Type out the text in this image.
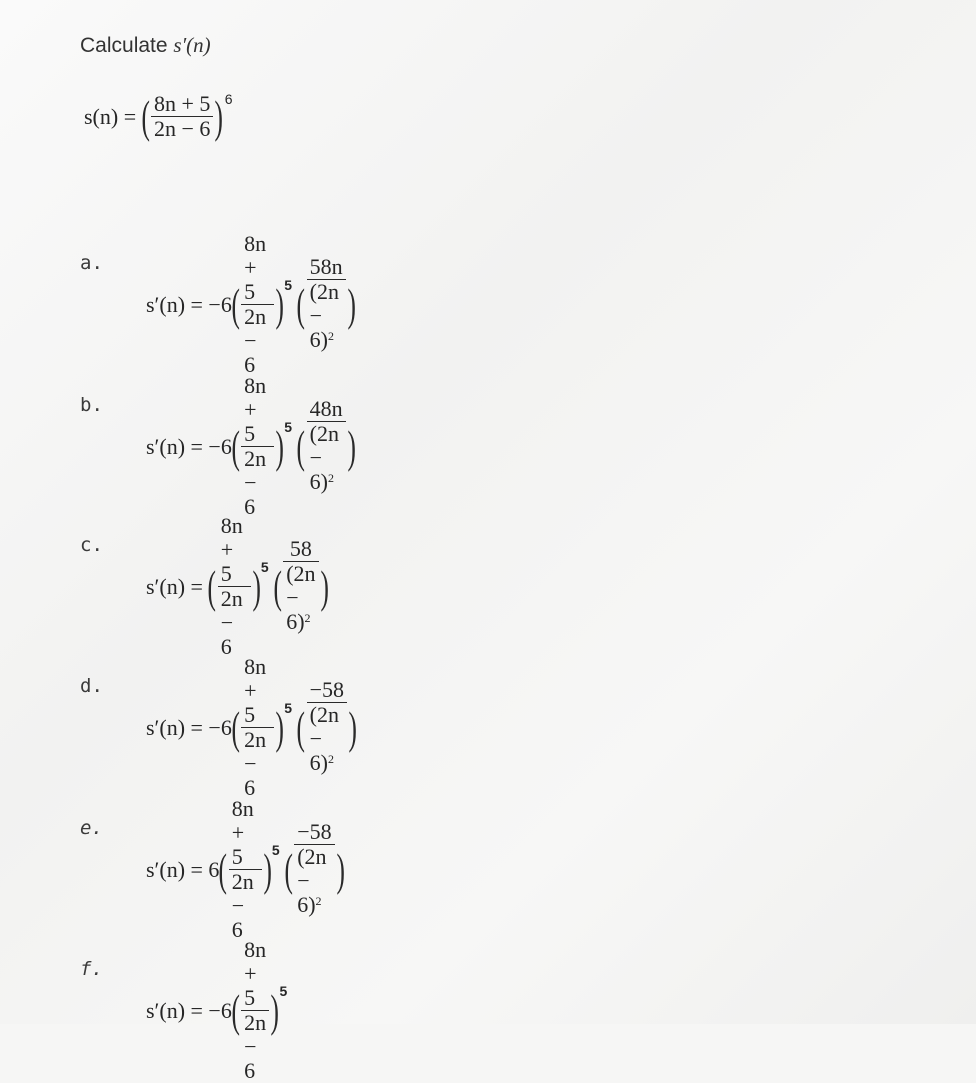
Calculate s′(n)
s(n) = ( $\frac{8n + 5}{2n - 6}$ ) 6
a.
s′(n) = −6 ( $\frac{8n + 5}{2n - 6}$ ) 5 ( $\frac{58n}{(2n - 6)^2}$ )
b.
s′(n) = −6 ( $\frac{8n + 5}{2n - 6}$ ) 5 ( $\frac{48n}{(2n - 6)^2}$ )
c.
s′(n) = ( $\frac{8n + 5}{2n - 6}$ ) 5 ( $\frac{58}{(2n - 6)^2}$ )
d.
s′(n) = −6 ( $\frac{8n + 5}{2n - 6}$ ) 5 ( $\frac{-58}{(2n - 6)^2}$ )
e.
s′(n) = 6 ( $\frac{8n + 5}{2n - 6}$ ) 5 ( $\frac{-58}{(2n - 6)^2}$ )
f.
s′(n) = −6 ( $\frac{8n + 5}{2n - 6}$ ) 5
